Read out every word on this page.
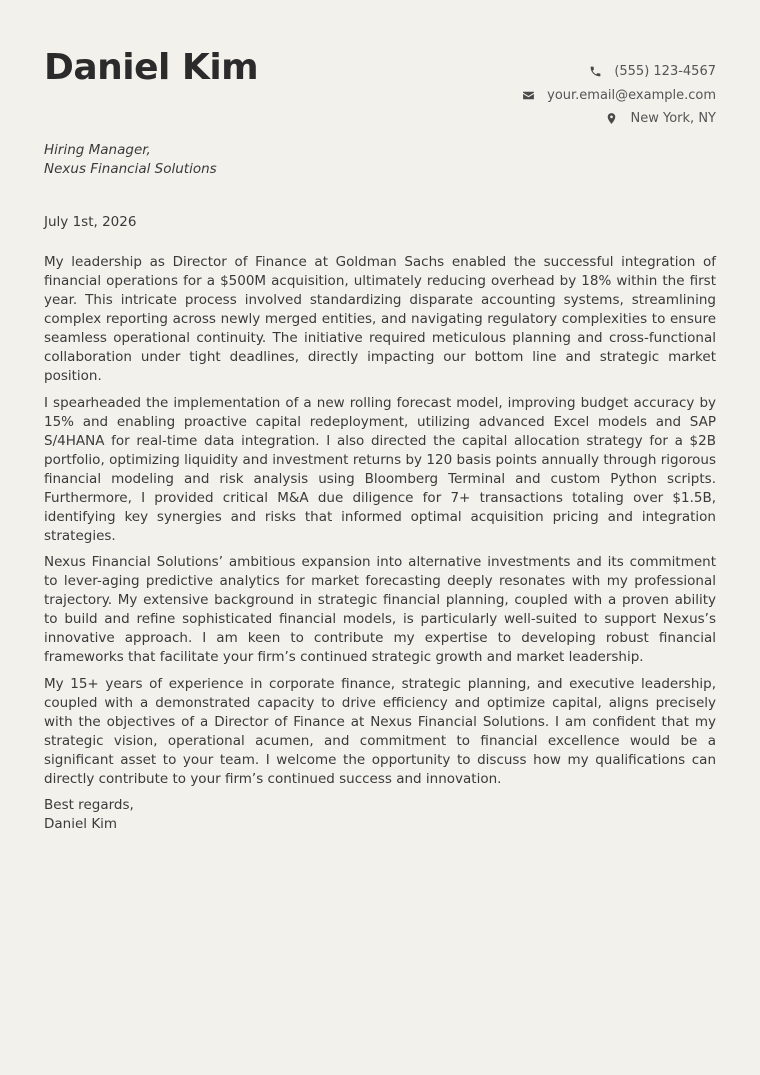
Daniel Kim	(555) 123-4567
your.email@example.com
New York, NY
Hiring Manager,
Nexus Financial Solutions
July 1st, 2026

My leadership as Director of Finance at Goldman Sachs enabled the successful integration of financial operations for a $500M acquisition, ultimately reducing overhead by 18% within the first year. This intricate process involved standardizing disparate accounting systems, streamlining complex reporting across newly merged entities, and navigating regulatory complexities to ensure seamless operational continuity. The initiative required meticulous planning and cross-functional collaboration under tight deadlines, directly impacting our bottom line and strategic market position.

I spearheaded the implementation of a new rolling forecast model, improving budget accuracy by 15% and enabling proactive capital redeployment, utilizing advanced Excel models and SAP S/4HANA for real-time data integration. I also directed the capital allocation strategy for a $2B portfolio, optimizing liquidity and investment returns by 120 basis points annually through rigorous financial modeling and risk analysis using Bloomberg Terminal and custom Python scripts. Furthermore, I provided critical M&A due diligence for 7+ transactions totaling over $1.5B, identifying key synergies and risks that informed optimal acquisition pricing and integration strategies.

Nexus Financial Solutions’ ambitious expansion into alternative investments and its commitment to lever-aging predictive analytics for market forecasting deeply resonates with my professional trajectory. My extensive background in strategic financial planning, coupled with a proven ability to build and refine sophisticated financial models, is particularly well-suited to support Nexus’s innovative approach. I am keen to contribute my expertise to developing robust financial frameworks that facilitate your firm’s continued strategic growth and market leadership.

My 15+ years of experience in corporate finance, strategic planning, and executive leadership, coupled with a demonstrated capacity to drive efficiency and optimize capital, aligns precisely with the objectives of a Director of Finance at Nexus Financial Solutions. I am confident that my strategic vision, operational acumen, and commitment to financial excellence would be a significant asset to your team. I welcome the opportunity to discuss how my qualifications can directly contribute to your firm’s continued success and innovation.

Best regards,
Daniel Kim
